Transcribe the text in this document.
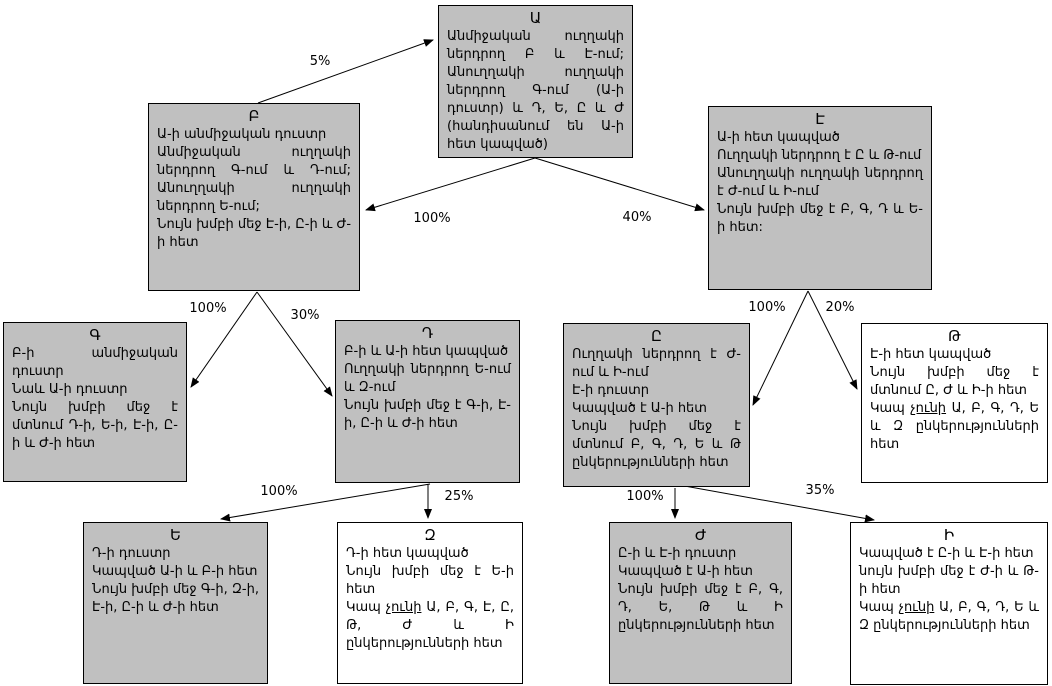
Ա
Անմիջական ուղղակի ներդրող Բ և Է-ում; Անուղղակի ուղղակի ներդրող Գ-ում (Ա-ի դուստր) և Դ, Ե, Ը և Ժ (հանդիսանում են Ա-ի հետ կապված)
Բ
Ա-ի անմիջական դուստր
Անմիջական ուղղակի ներդրող Գ-ում և Դ-ում; Անուղղակի ուղղակի ներդրող Ե-ում;
Նույն խմբի մեջ Է-ի, Ը-ի և Ժ-ի հետ
Է
Ա-ի հետ կապված
Ուղղակի ներդրող է Ը և Թ-ում
Անուղղակի ուղղակի ներդրող է Ժ-ում և Ի-ում
Նույն խմբի մեջ է Բ, Գ, Դ և Ե-ի հետ:
Գ
Բ-ի անմիջական դուստր
Նաև Ա-ի դուստր
Նույն խմբի մեջ է մտնում Դ-ի, Ե-ի, Է-ի, Ը-ի և Ժ-ի հետ
Դ
Բ-ի և Ա-ի հետ կապված
Ուղղակի ներդրող Ե-ում և Զ-ում
Նույն խմբի մեջ է Գ-ի, Է-ի, Ը-ի և Ժ-ի հետ
Ը
Ուղղակի ներդրող է Ժ-ում և Ի-ում
Է-ի դուստր
Կապված է Ա-ի հետ
Նույն խմբի մեջ է մտնում Բ, Գ, Դ, Ե և Թ ընկերությունների հետ
Թ
Է-ի հետ կապված
Նույն խմբի մեջ է մտնում Ը, Ժ և Ի-ի հետ
Կապ չունի Ա, Բ, Գ, Դ, Ե և Զ ընկերությունների հետ
Ե
Դ-ի դուստր
Կապված Ա-ի և Բ-ի հետ
Նույն խմբի մեջ Գ-ի, Զ-ի, Է-ի, Ը-ի և Ժ-ի հետ
Զ
Դ-ի հետ կապված
Նույն խմբի մեջ է Ե-ի հետ
Կապ չունի Ա, Բ, Գ, Է, Ը, Թ, Ժ և Ի ընկերությունների հետ
Ժ
Ը-ի և Է-ի դուստր
Կապված է Ա-ի հետ
Նույն խմբի մեջ է Բ, Գ, Դ, Ե, Թ և Ի ընկերությունների հետ
Ի
Կապված է Ը-ի և Է-ի հետ
նույն խմբի մեջ է Ժ-ի և Թ-ի հետ
Կապ չունի Ա, Բ, Գ, Դ, Ե և Զ ընկերությունների հետ
5%
100%	40%
100%	30%
100%	20%
100%	25%	100%	35%
